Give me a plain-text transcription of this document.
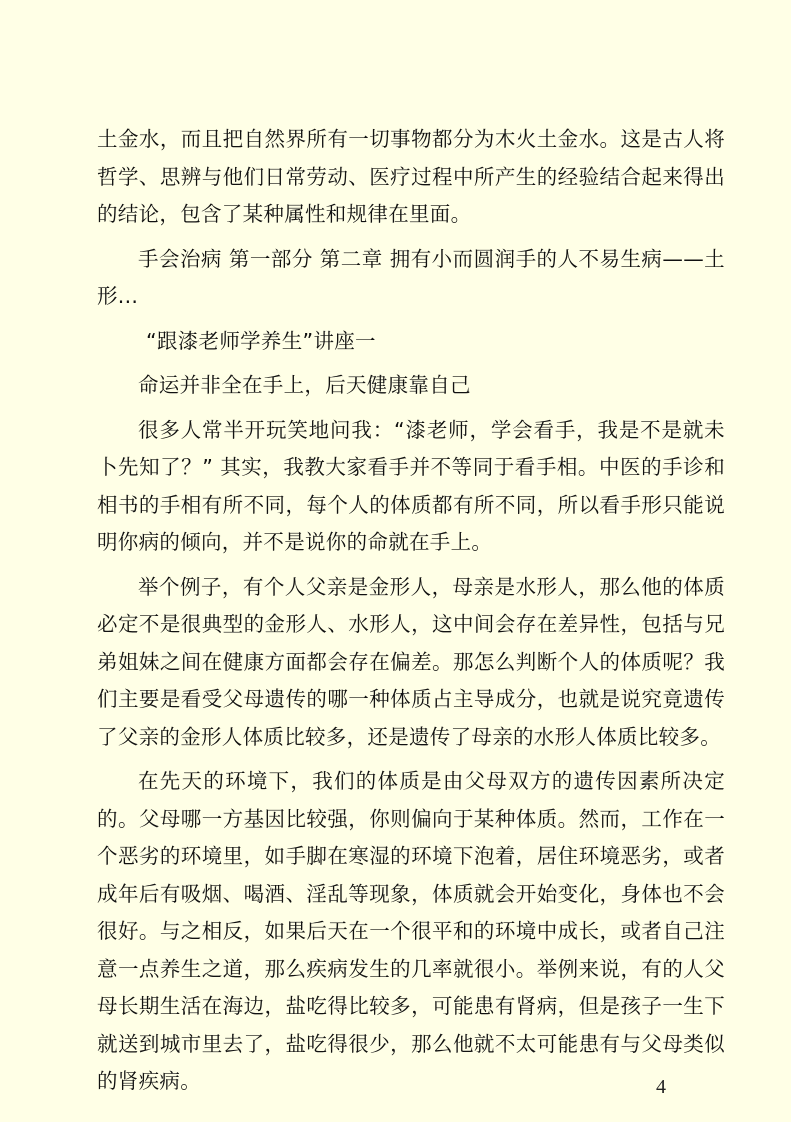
土金水，而且把自然界所有一切事物都分为木火土金水。这是古人将哲学、思辨与他们日常劳动、医疗过程中所产生的经验结合起来得出的结论，包含了某种属性和规律在里面。

手会治病 第一部分 第二章 拥有小而圆润手的人不易生病——土形...

“跟漆老师学养生”讲座一

命运并非全在手上，后天健康靠自己

很多人常半开玩笑地问我：“漆老师，学会看手，我是不是就未卜先知了？” 其实，我教大家看手并不等同于看手相。中医的手诊和相书的手相有所不同，每个人的体质都有所不同，所以看手形只能说明你病的倾向，并不是说你的命就在手上。

举个例子，有个人父亲是金形人，母亲是水形人，那么他的体质必定不是很典型的金形人、水形人，这中间会存在差异性，包括与兄弟姐妹之间在健康方面都会存在偏差。那怎么判断个人的体质呢？我们主要是看受父母遗传的哪一种体质占主导成分，也就是说究竟遗传了父亲的金形人体质比较多，还是遗传了母亲的水形人体质比较多。

在先天的环境下，我们的体质是由父母双方的遗传因素所决定的。父母哪一方基因比较强，你则偏向于某种体质。然而，工作在一个恶劣的环境里，如手脚在寒湿的环境下泡着，居住环境恶劣，或者成年后有吸烟、喝酒、淫乱等现象，体质就会开始变化，身体也不会很好。与之相反，如果后天在一个很平和的环境中成长，或者自己注意一点养生之道，那么疾病发生的几率就很小。举例来说，有的人父母长期生活在海边，盐吃得比较多，可能患有肾病，但是孩子一生下就送到城市里去了，盐吃得很少，那么他就不太可能患有与父母类似的肾疾病。	4
